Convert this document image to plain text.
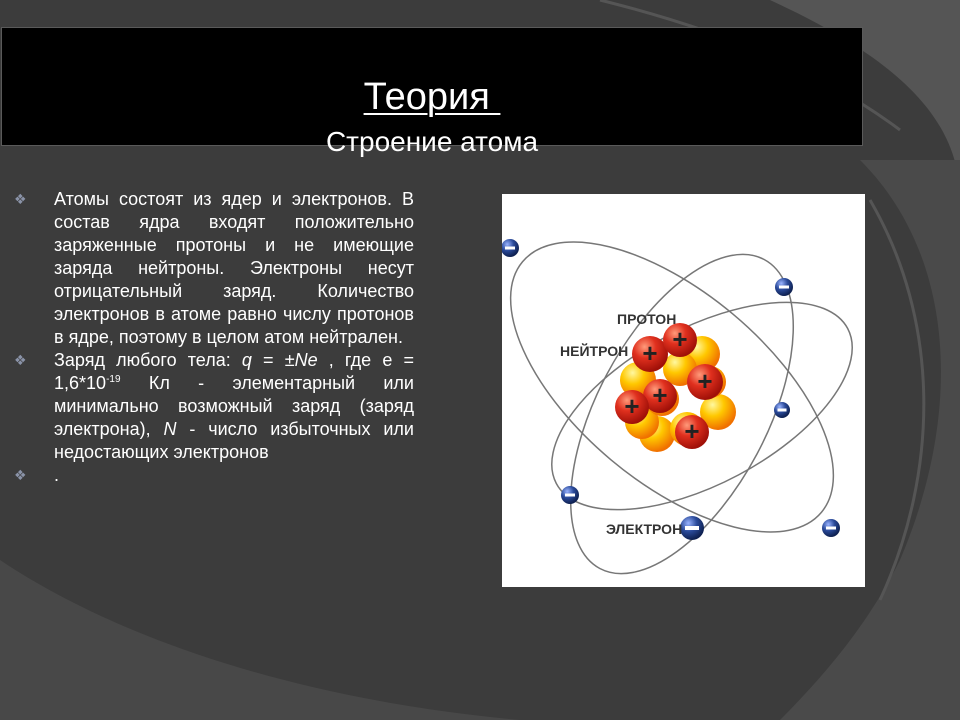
Теория
Строение атома
❖ Атомы состоят из ядер и электронов. В состав ядра входят положительно заряженные протоны и не имеющие заряда нейтроны. Электроны несут отрицательный заряд. Количество электронов в атоме равно числу протонов в ядре, поэтому в целом атом нейтрален.
❖ Заряд любого тела: q = ±Ne , где $е = 1,6*10^{-19}$ Кл - элементарный или минимально возможный заряд (заряд электрона), N - число избыточных или недостающих электронов
❖ .
+ +
+
+
+
+
ПРОТОН
НЕЙТРОН
ЭЛЕКТРОН
